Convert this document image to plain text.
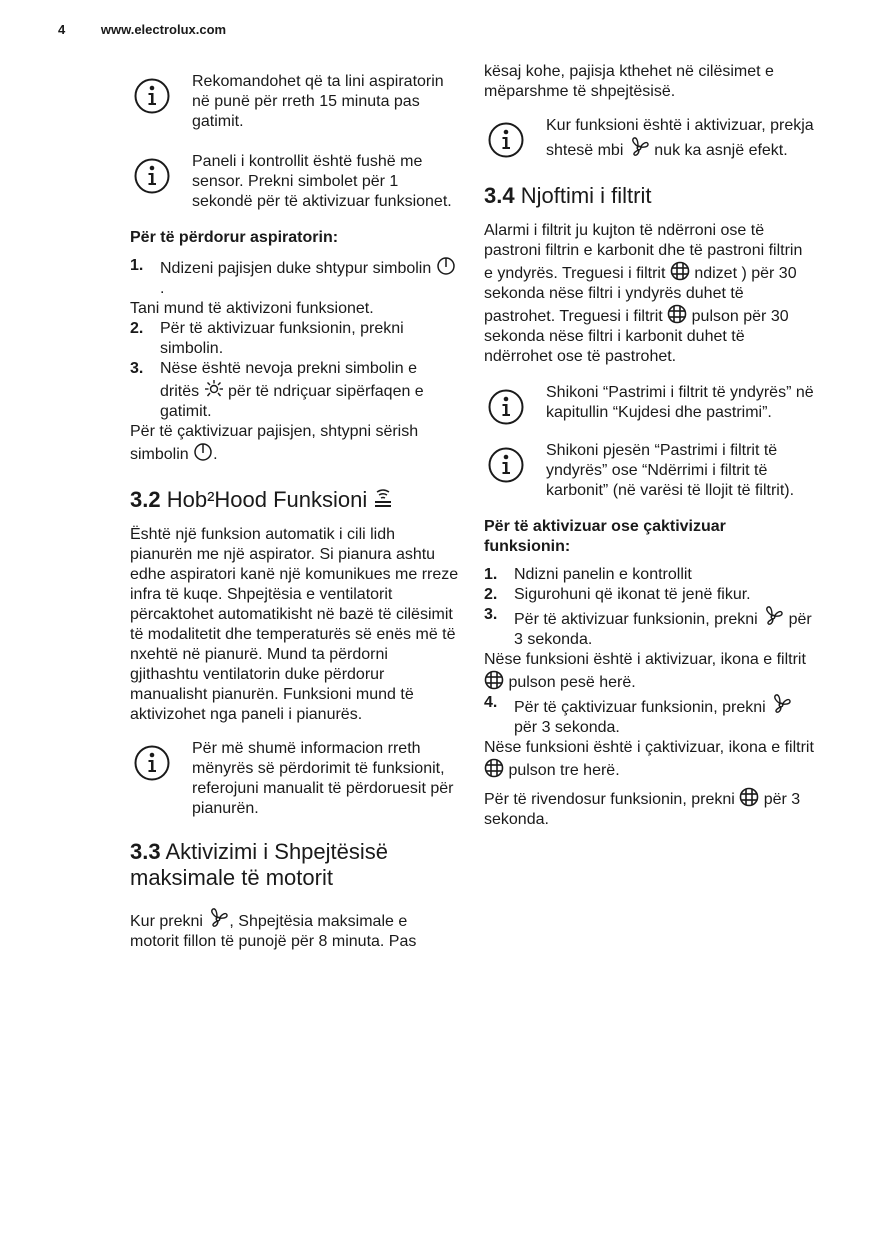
4	www.electrolux.com

Rekomandohet që ta lini aspiratorin në punë për rreth 15 minuta pas gatimit.

Paneli i kontrollit është fushë me sensor. Prekni simbolet për 1 sekondë për të aktivizuar funksionet.

Për të përdorur aspiratorin:

1. Ndizeni pajisjen duke shtypur simbolin
.

Tani mund të aktivizoni funksionet.

2. Për të aktivizuar funksionin, prekni simbolin.
3. Nëse është nevoja prekni simbolin e dritës për të ndriçuar sipërfaqen e gatimit.

Për të çaktivizuar pajisjen, shtypni sërish simbolin .

3.2 Hob²Hood Funksioni

Është një funksion automatik i cili lidh pianurën me një aspirator. Si pianura ashtu edhe aspiratori kanë një komunikues me rreze infra të kuqe. Shpejtësia e ventilatorit përcaktohet automatikisht në bazë të cilësimit të modalitetit dhe temperaturës së enës më të nxehtë në pianurë. Mund ta përdorni gjithashtu ventilatorin duke përdorur manualisht pianurën. Funksioni mund të aktivizohet nga paneli i pianurës.

Për më shumë informacion rreth mënyrës së përdorimit të funksionit, referojuni manualit të përdoruesit për pianurën.

3.3 Aktivizimi i Shpejtësisë maksimale të motorit

Kur prekni , Shpejtësia maksimale e motorit fillon të punojë për 8 minuta. Pas

kësaj kohe, pajisja kthehet në cilësimet e mëparshme të shpejtësisë.

Kur funksioni është i aktivizuar, prekja shtesë mbi nuk ka asnjë efekt.

3.4 Njoftimi i filtrit

Alarmi i filtrit ju kujton të ndërroni ose të pastroni filtrin e karbonit dhe të pastroni filtrin e yndyrës. Treguesi i filtrit ndizet ) për 30 sekonda nëse filtri i yndyrës duhet të pastrohet. Treguesi i filtrit pulson për 30 sekonda nëse filtri i karbonit duhet të ndërrohet ose të pastrohet.

Shikoni “Pastrimi i filtrit të yndyrës” në kapitullin “Kujdesi dhe pastrimi”.

Shikoni pjesën “Pastrimi i filtrit të yndyrës” ose “Ndërrimi i filtrit të karbonit” (në varësi të llojit të filtrit).

Për të aktivizuar ose çaktivizuar funksionin:

1. Ndizni panelin e kontrollit
2. Sigurohuni që ikonat të jenë fikur.
3. Për të aktivizuar funksionin, prekni për 3 sekonda.

Nëse funksioni është i aktivizuar, ikona e filtrit
pulson pesë herë.

4. Për të çaktivizuar funksionin, prekni
për 3 sekonda.

Nëse funksioni është i çaktivizuar, ikona e filtrit
pulson tre herë.

Për të rivendosur funksionin, prekni për 3 sekonda.
